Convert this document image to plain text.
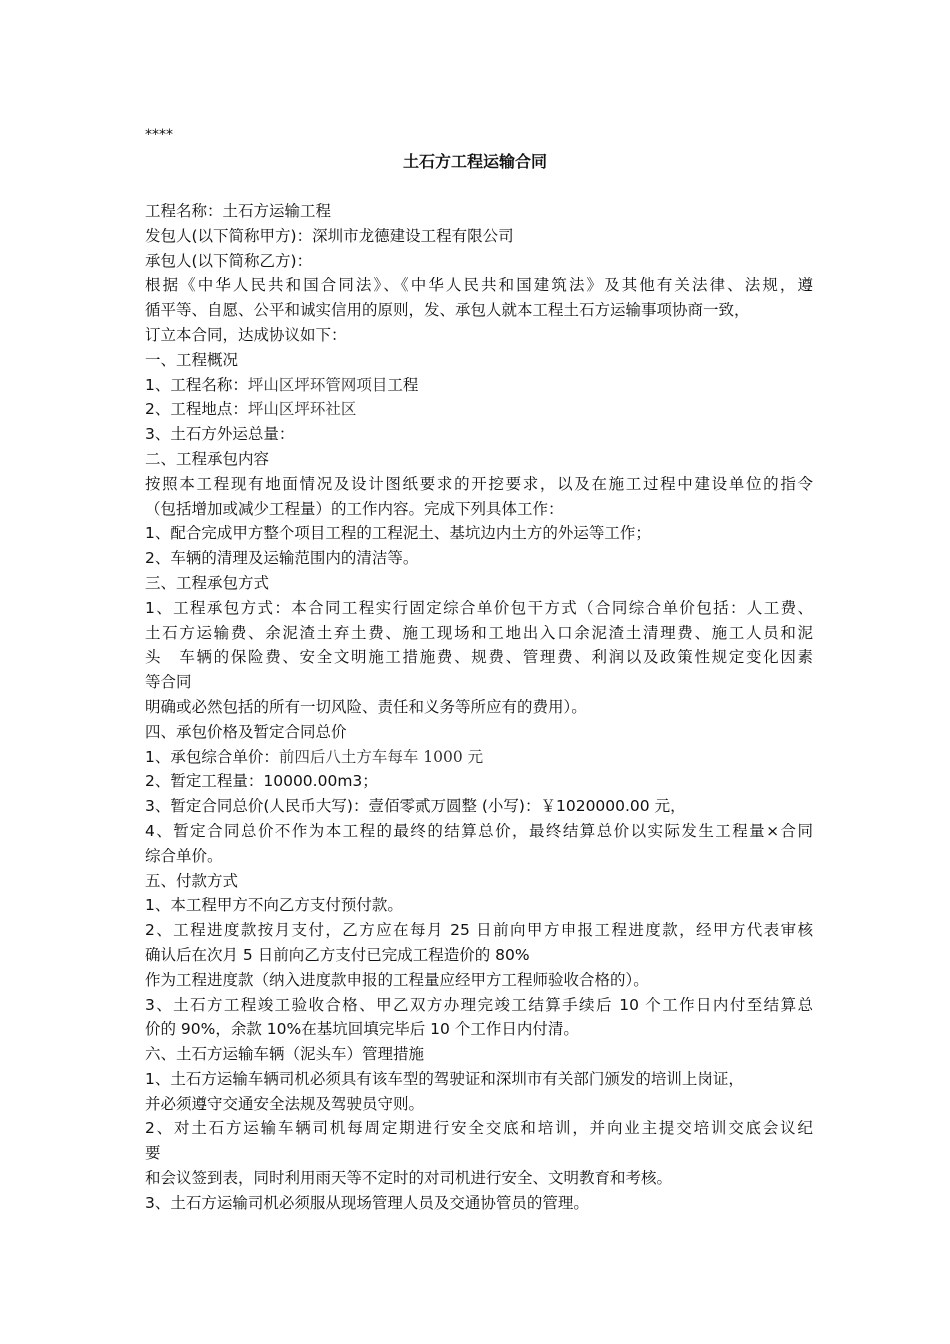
****
土石方工程运输合同
工程名称：土石方运输工程
发包人(以下简称甲方)：深圳市龙德建设工程有限公司
承包人(以下简称乙方)：
根据《中华人民共和国合同法》、《中华人民共和国建筑法》及其他有关法律、法规，遵
循平等、自愿、公平和诚实信用的原则，发、承包人就本工程土石方运输事项协商一致，
订立本合同，达成协议如下：
一、工程概况
1、工程名称：坪山区坪环管网项目工程
2、工程地点：坪山区坪环社区
3、土石方外运总量：
二、工程承包内容
按照本工程现有地面情况及设计图纸要求的开挖要求，以及在施工过程中建设单位的指令
（包括增加或减少工程量）的工作内容。完成下列具体工作：
1、配合完成甲方整个项目工程的工程泥土、基坑边内土方的外运等工作；
2、车辆的清理及运输范围内的清洁等。
三、工程承包方式
1、工程承包方式：本合同工程实行固定综合单价包干方式（合同综合单价包括：人工费、
土石方运输费、余泥渣土弃土费、施工现场和工地出入口余泥渣土清理费、施工人员和泥
头　车辆的保险费、安全文明施工措施费、规费、管理费、利润以及政策性规定变化因素
等合同
明确或必然包括的所有一切风险、责任和义务等所应有的费用）。
四、承包价格及暂定合同总价
1、承包综合单价：前四后八土方车每车 1000 元
2、暂定工程量：10000.00m3；
3、暂定合同总价(人民币大写)：壹佰零贰万圆整 (小写)：￥1020000.00 元，
4、暂定合同总价不作为本工程的最终的结算总价，最终结算总价以实际发生工程量×合同
综合单价。
五、付款方式
1、本工程甲方不向乙方支付预付款。
2、工程进度款按月支付，乙方应在每月 25 日前向甲方申报工程进度款，经甲方代表审核
确认后在次月 5 日前向乙方支付已完成工程造价的 80%
作为工程进度款（纳入进度款申报的工程量应经甲方工程师验收合格的）。
3、土石方工程竣工验收合格、甲乙双方办理完竣工结算手续后 10 个工作日内付至结算总
价的 90%，余款 10%在基坑回填完毕后 10 个工作日内付清。
六、土石方运输车辆（泥头车）管理措施
1、土石方运输车辆司机必须具有该车型的驾驶证和深圳市有关部门颁发的培训上岗证，
并必须遵守交通安全法规及驾驶员守则。
2、对土石方运输车辆司机每周定期进行安全交底和培训，并向业主提交培训交底会议纪
要
和会议签到表，同时利用雨天等不定时的对司机进行安全、文明教育和考核。
3、土石方运输司机必须服从现场管理人员及交通协管员的管理。
